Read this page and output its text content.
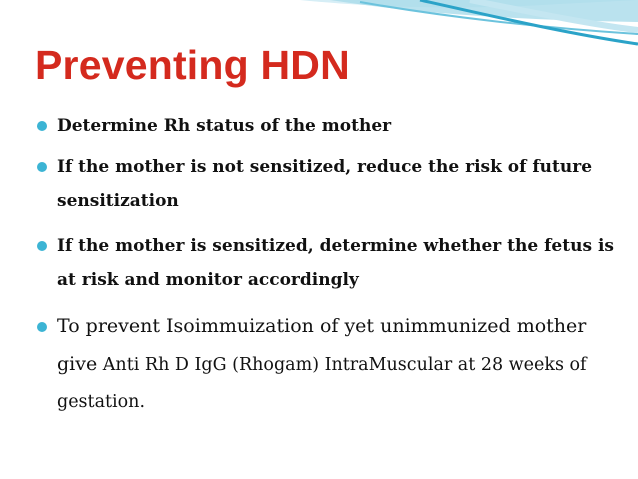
Preventing HDN
Determine Rh status of the mother
If the mother is not sensitized, reduce the risk of future sensitization
If the mother is sensitized, determine whether the fetus is at risk and monitor accordingly
To prevent Isoimmuization of yet unimmunized mother give Anti Rh D IgG (Rhogam) IntraMuscular at 28 weeks of gestation.
